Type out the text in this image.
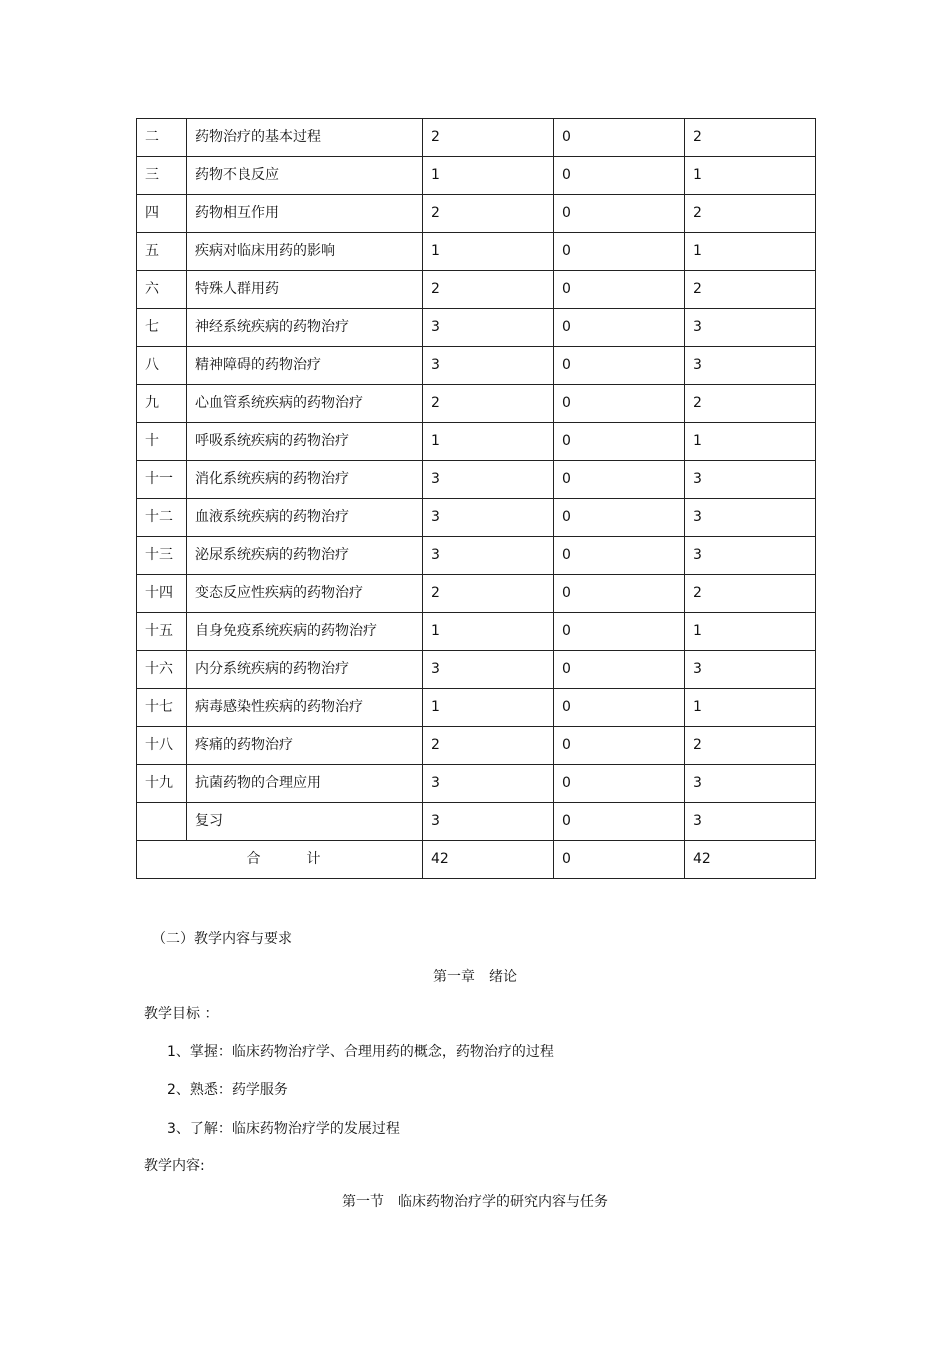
二	药物治疗的基本过程	2	0	2
三	药物不良反应	1	0	1
四	药物相互作用	2	0	2
五	疾病对临床用药的影响	1	0	1
六	特殊人群用药	2	0	2
七	神经系统疾病的药物治疗	3	0	3
八	精神障碍的药物治疗	3	0	3
九	心血管系统疾病的药物治疗	2	0	2
十	呼吸系统疾病的药物治疗	1	0	1
十一	消化系统疾病的药物治疗	3	0	3
十二	血液系统疾病的药物治疗	3	0	3
十三	泌尿系统疾病的药物治疗	3	0	3
十四	变态反应性疾病的药物治疗	2	0	2
十五	自身免疫系统疾病的药物治疗	1	0	1
十六	内分系统疾病的药物治疗	3	0	3
十七	病毒感染性疾病的药物治疗	1	0	1
十八	疼痛的药物治疗	2	0	2
十九	抗菌药物的合理应用	3	0	3
	复习	3	0	3
合 计		42	0	42
（二）教学内容与要求
第一章　绪论
教学目标 ：
1、掌握：临床药物治疗学、合理用药的概念，药物治疗的过程
2、熟悉：药学服务
3、了解：临床药物治疗学的发展过程
教学内容:
第一节　临床药物治疗学的研究内容与任务
